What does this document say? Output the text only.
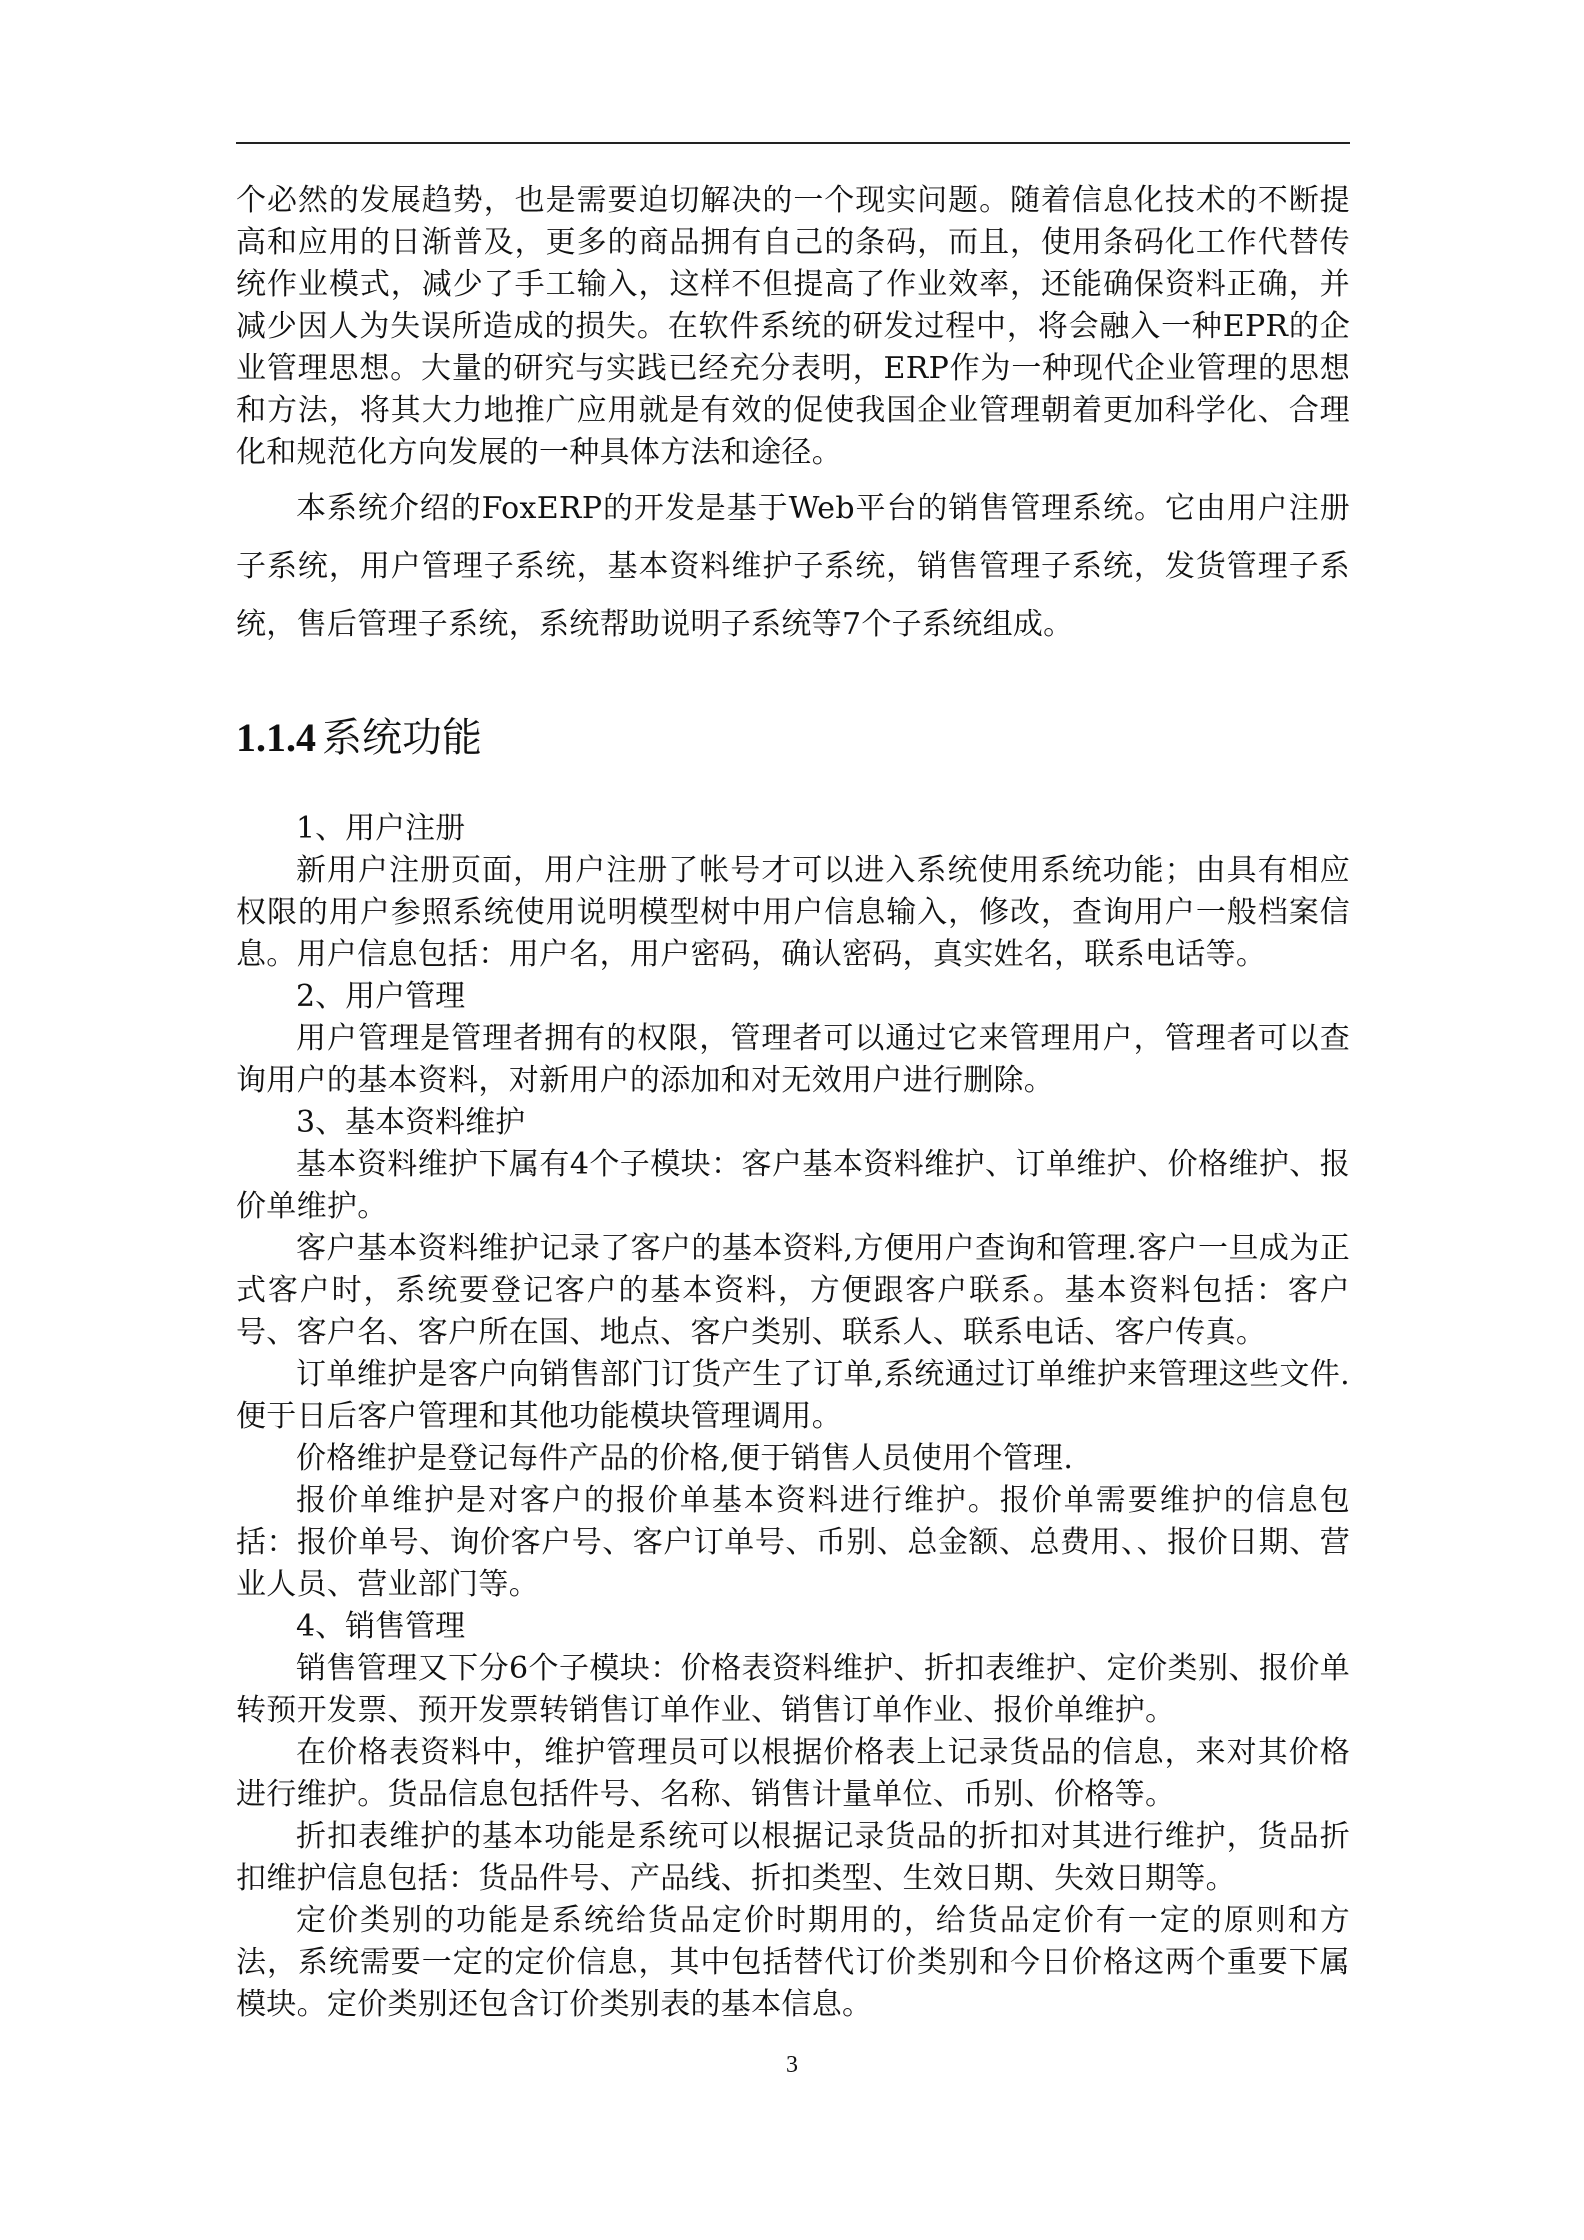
个必然的发展趋势，也是需要迫切解决的一个现实问题。随着信息化技术的不断提高和应用的日渐普及，更多的商品拥有自己的条码，而且，使用条码化工作代替传统作业模式，减少了手工输入，这样不但提高了作业效率，还能确保资料正确，并减少因人为失误所造成的损失。在软件系统的研发过程中，将会融入一种EPR的企业管理思想。大量的研究与实践已经充分表明，ERP作为一种现代企业管理的思想和方法，将其大力地推广应用就是有效的促使我国企业管理朝着更加科学化、合理化和规范化方向发展的一种具体方法和途径。

本系统介绍的FoxERP的开发是基于Web平台的销售管理系统。它由用户注册子系统，用户管理子系统，基本资料维护子系统，销售管理子系统，发货管理子系统，售后管理子系统，系统帮助说明子系统等7个子系统组成。

1.1.4 系统功能

1、用户注册

新用户注册页面，用户注册了帐号才可以进入系统使用系统功能；由具有相应权限的用户参照系统使用说明模型树中用户信息输入，修改，查询用户一般档案信息。用户信息包括：用户名，用户密码，确认密码，真实姓名，联系电话等。

2、用户管理

用户管理是管理者拥有的权限，管理者可以通过它来管理用户，管理者可以查询用户的基本资料，对新用户的添加和对无效用户进行删除。

3、基本资料维护

基本资料维护下属有4个子模块：客户基本资料维护、订单维护、价格维护、报价单维护。

客户基本资料维护记录了客户的基本资料,方便用户查询和管理.客户一旦成为正式客户时，系统要登记客户的基本资料，方便跟客户联系。基本资料包括：客户号、客户名、客户所在国、地点、客户类别、联系人、联系电话、客户传真。

订单维护是客户向销售部门订货产生了订单,系统通过订单维护来管理这些文件.便于日后客户管理和其他功能模块管理调用。

价格维护是登记每件产品的价格,便于销售人员使用个管理.

报价单维护是对客户的报价单基本资料进行维护。报价单需要维护的信息包括：报价单号、询价客户号、客户订单号、币别、总金额、总费用、、报价日期、营业人员、营业部门等。

4、销售管理

销售管理又下分6个子模块：价格表资料维护、折扣表维护、定价类别、报价单转预开发票、预开发票转销售订单作业、销售订单作业、报价单维护。

在价格表资料中，维护管理员可以根据价格表上记录货品的信息，来对其价格进行维护。货品信息包括件号、名称、销售计量单位、币别、价格等。

折扣表维护的基本功能是系统可以根据记录货品的折扣对其进行维护，货品折扣维护信息包括：货品件号、产品线、折扣类型、生效日期、失效日期等。

定价类别的功能是系统给货品定价时期用的，给货品定价有一定的原则和方法，系统需要一定的定价信息，其中包括替代订价类别和今日价格这两个重要下属模块。定价类别还包含订价类别表的基本信息。

3
